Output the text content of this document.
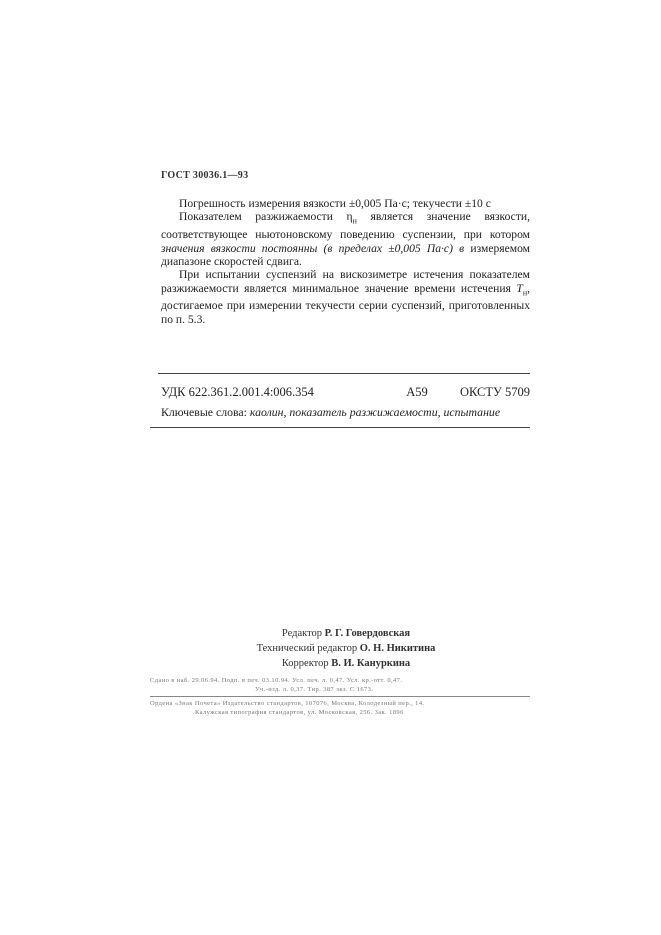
ГОСТ 30036.1—93

Погрешность измерения вязкости ±0,005 Па·с; текучести ±10 с

Показателем разжижаемости $\eta_н$ является значение вязкости, соответствующее ньютоновскому поведению суспензии, при котором значения вязкости постоянны (в пределах ±0,005 Па·с) в измеряемом диапазоне скоростей сдвига.

При испытании суспензий на вискозиметре истечения показателем разжижаемости является минимальное значение времени истечения $T_н$, достигаемое при измерении текучести серии суспензий, приготовленных по п. 5.3.

УДК 622.361.2.001.4:006.354	А59	ОКСТУ 5709
Ключевые слова: каолин, показатель разжижаемости, испытание
Редактор Р. Г. Говердовская
Технический редактор О. Н. Никитина
Корректор В. И. Кануркина
Сдано в наб. 29.06.94. Подп. в печ. 03.10.94. Усл. печ. л. 0,47. Усл. кр.-отт. 0,47.
Уч.-изд. л. 0,37. Тир. 387 экз. С 1673.
Ордена «Знак Почета» Издательство стандартов, 107076, Москва, Колодезный пер., 14.
Калужская типография стандартов, ул. Московская, 256. Зак. 1896
